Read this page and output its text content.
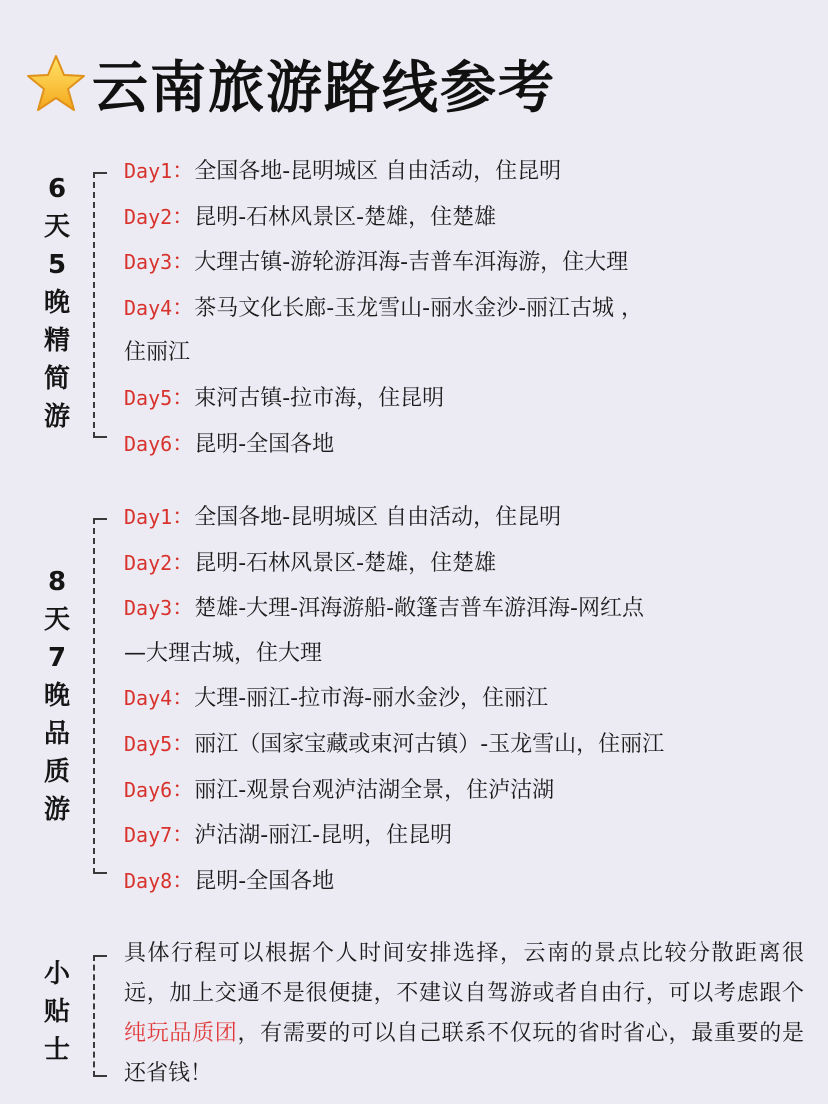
云南旅游路线参考
6
天
5
晚
精
简
游
Day1：全国各地-昆明城区 自由活动，住昆明
Day2：昆明-石林风景区-楚雄，住楚雄
Day3：大理古镇-游轮游洱海-吉普车洱海游，住大理
Day4：茶马文化长廊-玉龙雪山-丽水金沙-丽江古城 ，
住丽江
Day5：束河古镇-拉市海，住昆明
Day6：昆明-全国各地
8
天
7
晚
品
质
游
Day1：全国各地-昆明城区 自由活动，住昆明
Day2：昆明-石林风景区-楚雄，住楚雄
Day3：楚雄-大理-洱海游船-敞篷吉普车游洱海-网红点
—大理古城，住大理
Day4：大理-丽江-拉市海-丽水金沙，住丽江
Day5：丽江（国家宝藏或束河古镇）-玉龙雪山，住丽江
Day6：丽江-观景台观泸沽湖全景，住泸沽湖
Day7：泸沽湖-丽江-昆明，住昆明
Day8：昆明-全国各地
小
贴
士
具体行程可以根据个人时间安排选择，云南的景点比较分散距离很远，加上交通不是很便捷，不建议自驾游或者自由行，可以考虑跟个纯玩品质团，有需要的可以自己联系不仅玩的省时省心，最重要的是还省钱！
